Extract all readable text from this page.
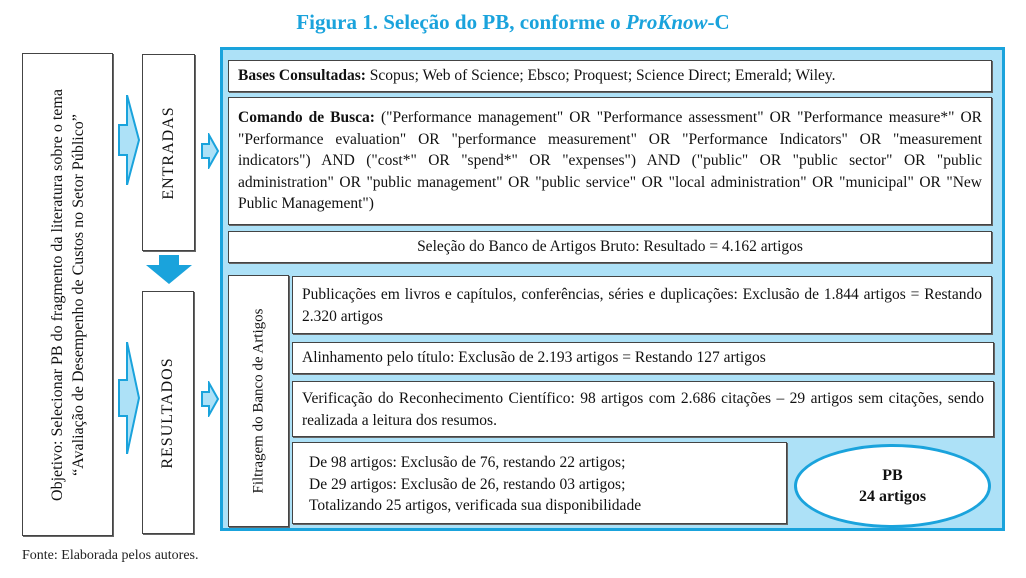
Figura 1. Seleção do PB, conforme o ProKnow-C
Objetivo: Selecionar PB do fragmento da literatura sobre o tema “Avaliação de Desempenho de Custos no Setor Público”	ENTRADAS
RESULTADOS
Bases Consultadas: Scopus; Web of Science; Ebsco; Proquest; Science Direct; Emerald; Wiley.
Comando de Busca: ("Performance management" OR "Performance assessment" OR "Performance measure*" OR "Performance evaluation" OR "performance measurement" OR "Performance Indicators" OR "measurement indicators") AND ("cost*" OR "spend*" OR "expenses") AND ("public" OR "public sector" OR "public administration" OR "public management" OR "public service" OR "local administration" OR "municipal" OR "New Public Management")
Seleção do Banco de Artigos Bruto: Resultado = 4.162 artigos
Filtragem do Banco de Artigos
Publicações em livros e capítulos, conferências, séries e duplicações: Exclusão de 1.844 artigos = Restando 2.320 artigos
Alinhamento pelo título: Exclusão de 2.193 artigos = Restando 127 artigos
Verificação do Reconhecimento Científico: 98 artigos com 2.686 citações – 29 artigos sem citações, sendo realizada a leitura dos resumos.
De 98 artigos: Exclusão de 76, restando 22 artigos;
De 29 artigos: Exclusão de 26, restando 03 artigos;
Totalizando 25 artigos, verificada sua disponibilidade
PB
24 artigos
Fonte: Elaborada pelos autores.
